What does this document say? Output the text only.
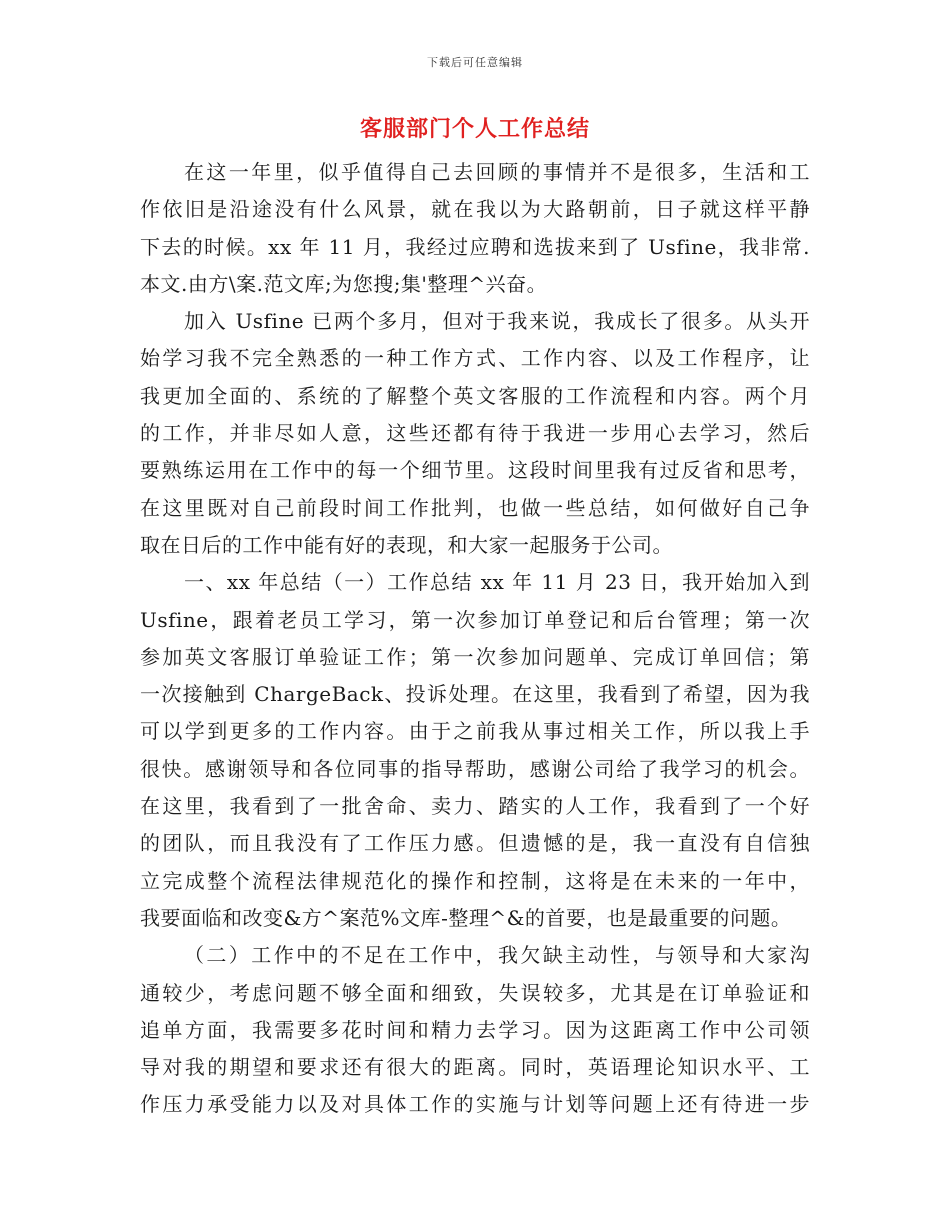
下载后可任意编辑
客服部门个人工作总结
在这一年里，似乎值得自己去回顾的事情并不是很多，生活和工
作依旧是沿途没有什么风景，就在我以为大路朝前，日子就这样平静
下去的时候。xx 年 11 月，我经过应聘和选拔来到了 Usfine，我非常.
本文.由方\案.范文库;为您搜;集'整理^兴奋。
加入 Usfine 已两个多月，但对于我来说，我成长了很多。从头开
始学习我不完全熟悉的一种工作方式、工作内容、以及工作程序，让
我更加全面的、系统的了解整个英文客服的工作流程和内容。两个月
的工作，并非尽如人意，这些还都有待于我进一步用心去学习，然后
要熟练运用在工作中的每一个细节里。这段时间里我有过反省和思考，
在这里既对自己前段时间工作批判，也做一些总结，如何做好自己争
取在日后的工作中能有好的表现，和大家一起服务于公司。
一、xx 年总结（一）工作总结 xx 年 11 月 23 日，我开始加入到
Usfine，跟着老员工学习，第一次参加订单登记和后台管理；第一次
参加英文客服订单验证工作；第一次参加问题单、完成订单回信；第
一次接触到 ChargeBack、投诉处理。在这里，我看到了希望，因为我
可以学到更多的工作内容。由于之前我从事过相关工作，所以我上手
很快。感谢领导和各位同事的指导帮助，感谢公司给了我学习的机会。
在这里，我看到了一批舍命、卖力、踏实的人工作，我看到了一个好
的团队，而且我没有了工作压力感。但遗憾的是，我一直没有自信独
立完成整个流程法律规范化的操作和控制，这将是在未来的一年中，
我要面临和改变&方^案范%文库-整理^&的首要，也是最重要的问题。
（二）工作中的不足在工作中，我欠缺主动性，与领导和大家沟
通较少，考虑问题不够全面和细致，失误较多，尤其是在订单验证和
追单方面，我需要多花时间和精力去学习。因为这距离工作中公司领
导对我的期望和要求还有很大的距离。同时，英语理论知识水平、工
作压力承受能力以及对具体工作的实施与计划等问题上还有待进一步
